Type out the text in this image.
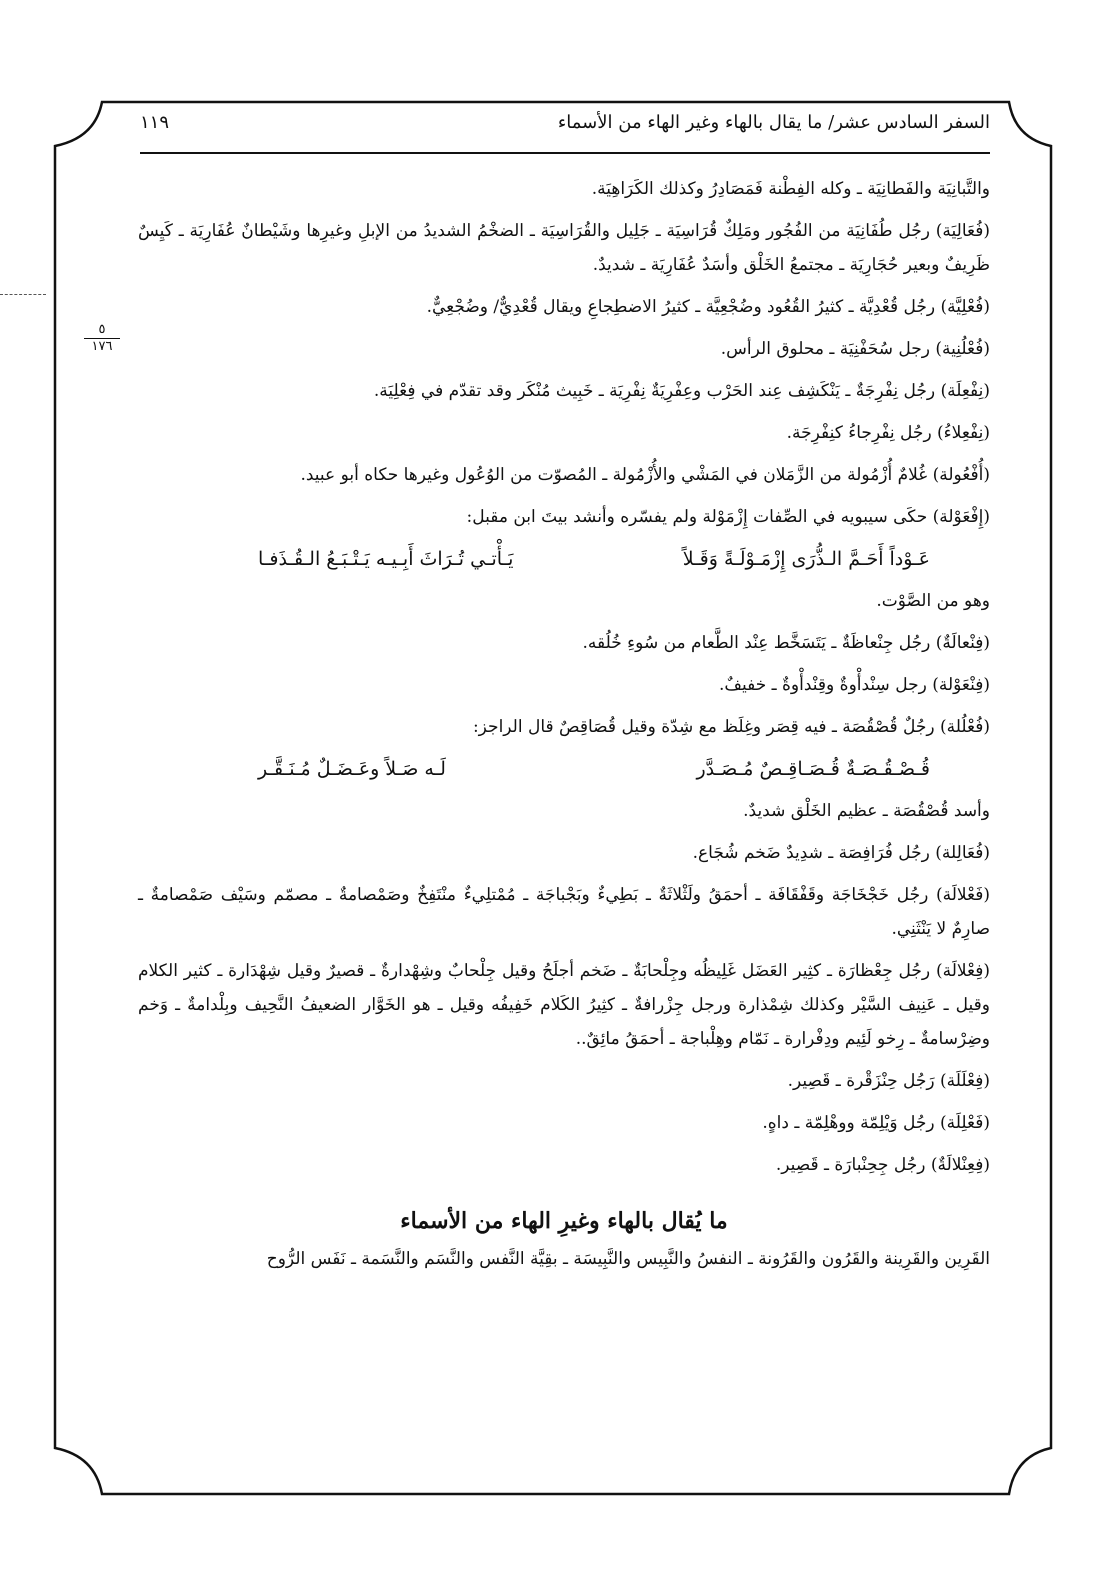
السفر السادس عشر/ ما يقال بالهاء وغير الهاء من الأسماء
١١٩
٥
١٧٦

والتَّبانِيَة والفَطانِيَة ـ وكله الفِطْنة فَمَصَادِرُ وكذلك الكَرَاهِيَة.

(فُعَالِيَة) رجُل طُفَانِيَة من الفُجُور ومَلِكٌ قُرَاسِيَة ـ جَلِيل والقُرَاسِيَة ـ الضخْمُ الشديدُ من الإبلِ وغيرِها وشَيْطانٌ عُفَارِيَة ـ كَيِسٌ ظَرِيفٌ وبعير حُجَارِيَة ـ مجتمعُ الخَلْق وأسَدٌ عُفَارِيَة ـ شديدٌ.

(فُعْلِيَّة) رجُل قُعْدِيَّة ـ كثيرُ القُعُود وضُجْعِيَّة ـ كثيرُ الاضطِجاعِ ويقال قُعْدِيٌّ/ وضُجْعِيٌّ.

(فُعْلُنِية) رجل سُحَفْنِيَة ـ محلوق الرأس.

(نِفْعِلَة) رجُل نِفْرِجَةٌ ـ يَنْكَشِف عِند الحَرْب وعِفْرِيَةٌ نِفْرِيَة ـ خَبِيث مُنْكَر وقد تقدّم في فِعْلِيَة.

(نِفْعِلاءُ) رجُل نِفْرِجاءُ كنِفْرِجَة.

(أُفْعُولة) غُلامٌ أُزْمُولة من الزَّمَلان في المَشْي والأُزْمُولة ـ المُصوّت من الوُعُول وغيرها حكاه أبو عبيد.

(إِفْعَوْلة) حكَى سيبويه في الصِّفات إِزْمَوْلة ولم يفسّره وأنشد بيتَ ابن مقبل:

عَـوْداً أَحَـمَّ الـذُّرَى إِزْمَـوْلَـةً وَقَـلاً
يَـأْتـي تُـرَاثَ أَبِـيـه يَـتْـبَـعُ الـقُـذَفـا

وهو من الصَّوْت.

(فِنْعالَةٌ) رجُل جِنْعاظَةٌ ـ يَتَسَخَّط عِنْد الطَّعام من سُوءِ خُلُقه.

(فِنْعَوْلة) رجل سِنْدأْوةٌ وقِنْدأْوةٌ ـ خفيفٌ.

(فُعْلُلة) رجُلٌ قُصْقُصَة ـ فيه قِصَر وغِلَظ مع شِدّة وقيل قُصَاقِصٌ قال الراجز:

قُـصْـقُـصَـةٌ قُـصَـاقِـصٌ مُـصَـدَّر
لَـه صَـلاً وعَـضَـلٌ مُـنَـقَّـر

وأسد قُصْقُصَة ـ عظيم الخَلْق شديدٌ.

(فُعَالِلة) رجُل فُرَافِصَة ـ شدِيدٌ ضَخم شُجَاع.

(فَعْلالَة) رجُل خَجْخَاجَة وقَفْقَافَة ـ أحمَقُ ولَثْلاثَةٌ ـ بَطِيءٌ وبَجْباجَة ـ مُمْتلِيءٌ منْتَفِخٌ وصَمْصامةٌ ـ مصمّم وسَيْف صَمْصامةٌ ـ صارِمٌ لا يَنْثَنِي.

(فِعْلالَة) رجُل جِعْظارَة ـ كثِير العَضَل غَلِيظُه وجِلْحابَةٌ ـ ضَخم أجلَحُ وقيل جِلْحابٌ وشِهْدارةٌ ـ قصيرٌ وقيل شِهْدَارة ـ كثير الكلام وقيل ـ عَنِيف السَّيْر وكذلك شِمْذارة ورجل جِزْرافةٌ ـ كثِيرُ الكَلام خَفِيفُه وقيل ـ هو الخَوَّار الضعيفُ النَّحِيف وبِلْدامةٌ ـ وَخم وضِرْسامةٌ ـ رِخو لَئِيم ودِفْرارة ـ نَمّام وهِلْباجة ـ أحمَقُ مائِقٌ..

(فِعْلَلَة) رَجُل حِنْزَقْرة ـ قَصِير.

(فَعْلِلَة) رجُل وَيْلِمّة ووهْلِمّة ـ داهٍ.

(فِعِنْلالَةٌ) رجُل جِحِنْبارَة ـ قَصِير.

ما يُقال بالهاء وغيرِ الهاء من الأسماء

القَرِين والقَرِينة والقَرُون والقَرُونة ـ النفسُ والنَّبِيس والنَّبِيسَة ـ بقِيَّة النَّفس والنَّسَم والنَّسَمة ـ نَفَس الرُّوح
